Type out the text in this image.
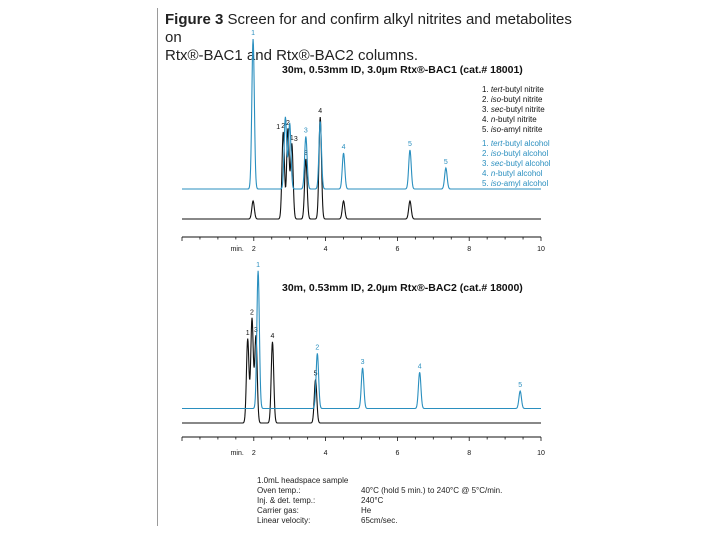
Figure 3 Screen for and confirm alkyl nitrites and metabolites on
Rtx®-BAC1 and Rtx®-BAC2 columns.
30m, 0.53mm ID, 3.0µm Rtx®-BAC1 (cat.# 18001)
30m, 0.53mm ID, 2.0µm Rtx®-BAC2 (cat.# 18000)
1. tert-butyl nitrite
2. iso-butyl nitrite
3. sec-butyl nitrite
4. n-butyl nitrite
5. iso-amyl nitrite
1. tert-butyl alcohol
2. iso-butyl alcohol
3. sec-butyl alcohol
4. n-butyl alcohol
5. iso-amyl alcohol
2	4	6	8	10
min.
2 2
1
3
4
1
3
1
3
4	5
5
2	4	6	8	10
min.
1
2
3
4
5
1
2
3
4
5
1.0mL headspace sample
Oven temp.:	40°C (hold 5 min.) to 240°C @ 5°C/min.
Inj. & det. temp.:	240°C
Carrier gas:	He
Linear velocity:	65cm/sec.
